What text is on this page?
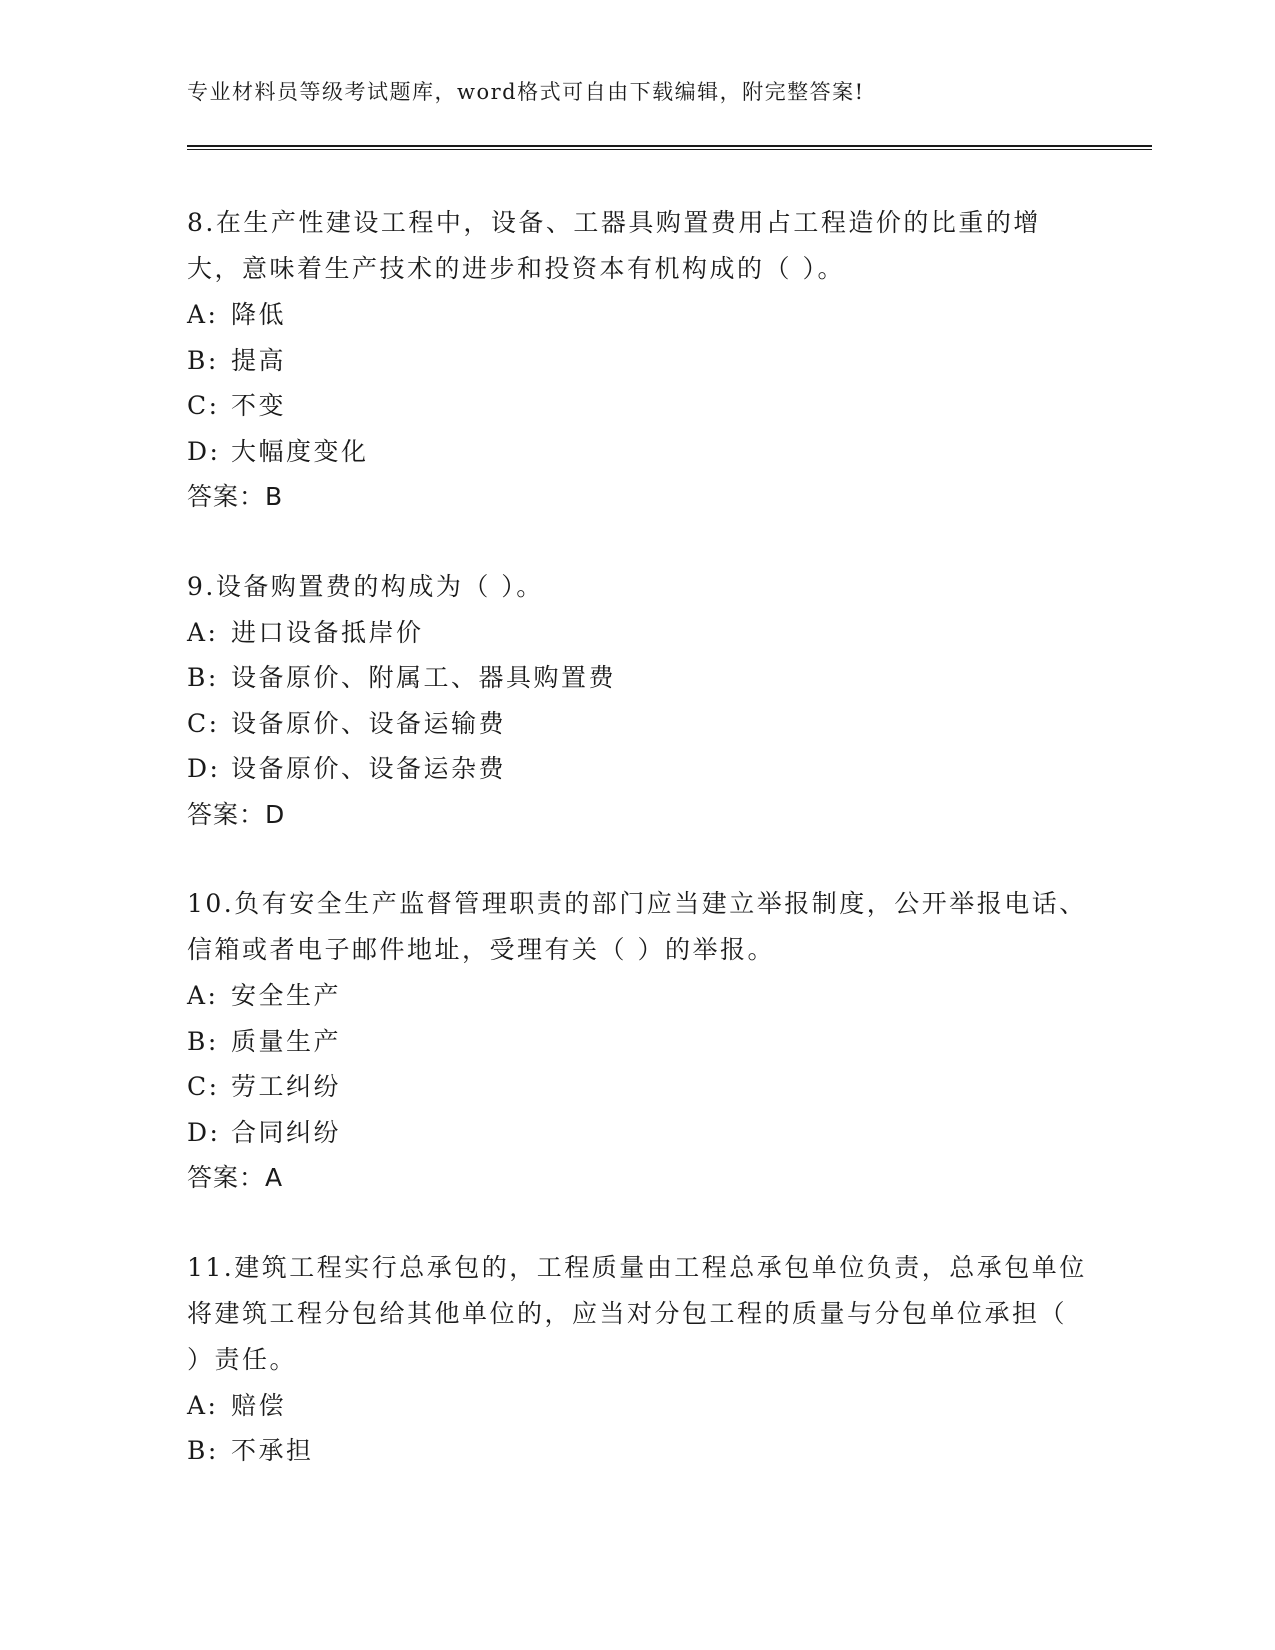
专业材料员等级考试题库，word格式可自由下载编辑，附完整答案!

8.在生产性建设工程中，设备、工器具购置费用占工程造价的比重的增大，意味着生产技术的进步和投资本有机构成的（ ）。

A: 降低
B: 提高
C: 不变
D: 大幅度变化
答案：B

9.设备购置费的构成为（ ）。

A: 进口设备抵岸价
B: 设备原价、附属工、器具购置费
C: 设备原价、设备运输费
D: 设备原价、设备运杂费
答案：D

10.负有安全生产监督管理职责的部门应当建立举报制度，公开举报电话、信箱或者电子邮件地址，受理有关（ ）的举报。

A: 安全生产
B: 质量生产
C: 劳工纠纷
D: 合同纠纷
答案：A

11.建筑工程实行总承包的，工程质量由工程总承包单位负责，总承包单位将建筑工程分包给其他单位的，应当对分包工程的质量与分包单位承担（ ）责任。

A: 赔偿
B: 不承担
